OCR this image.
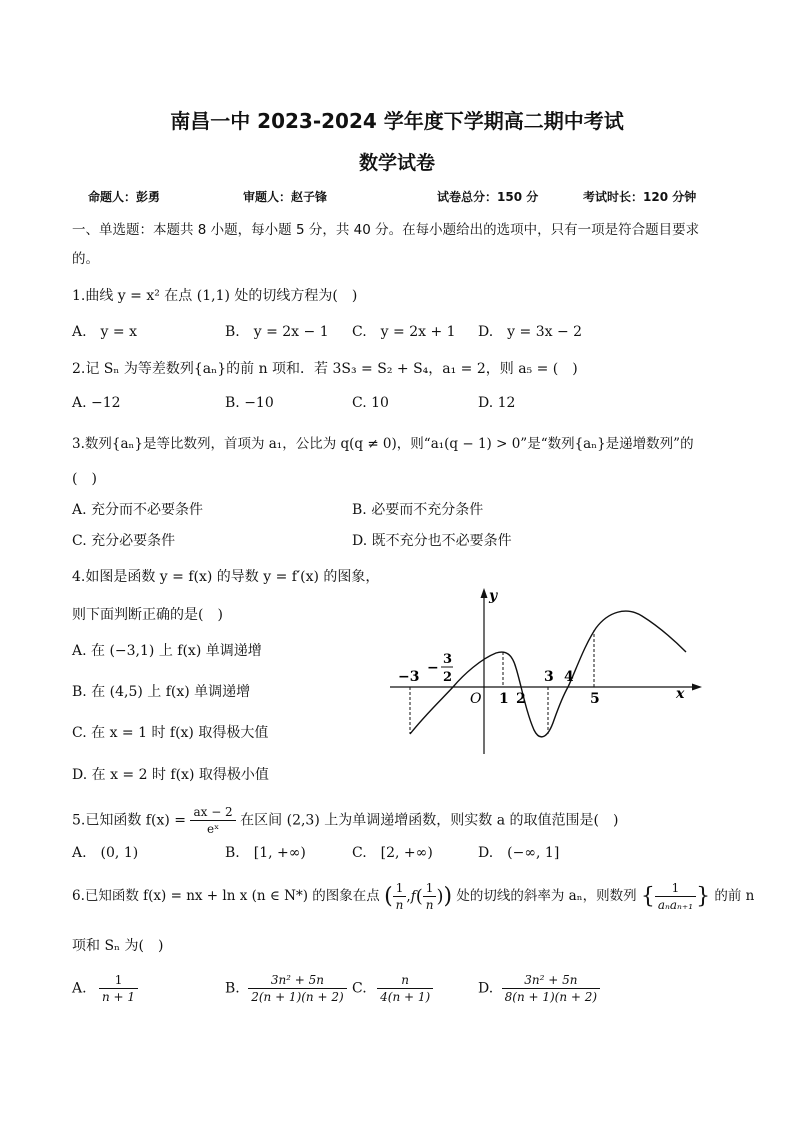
南昌一中 2023-2024 学年度下学期高二期中考试
数学试卷
命题人：彭勇	审题人：赵子锋	试卷总分：150 分	考试时长：120 分钟
一、单选题：本题共 8 小题，每小题 5 分，共 40 分。在每小题给出的选项中，只有一项是符合题目要求
的。
1.曲线 y = x² 在点 (1,1) 处的切线方程为(　)
A.　y = x	B.　y = 2x − 1 C.　y = 2x + 1 D.　y = 3x − 2
2.记 Sₙ 为等差数列{aₙ}的前 n 项和．若 3S₃ = S₂ + S₄，a₁ = 2，则 a₅ = (　)
A. −12	B. −10	C. 10	D. 12
3.数列{aₙ}是等比数列，首项为 a₁，公比为 q(q ≠ 0)，则“a₁(q − 1) > 0”是“数列{aₙ}是递增数列”的
(　)
A. 充分而不必要条件	B. 必要而不充分条件
C. 充分必要条件	D. 既不充分也不必要条件
4.如图是函数 y = f(x) 的导数 y = f′(x) 的图象，
则下面判断正确的是(　)
A. 在 (−3,1) 上 f(x) 单调递增
B. 在 (4,5) 上 f(x) 单调递增
C. 在 x = 1 时 f(x) 取得极大值
D. 在 x = 2 时 f(x) 取得极小值
x
y
O
−3
−
3
2
1 2
3 4
5
5.已知函数 $f(x) = \frac{ax - 2}{\text{eˣ}}$ 在区间 (2,3) 上为单调递增函数，则实数 a 的取值范围是(　)
A.　(0, 1)	B.　[1, +∞)	C.　[2, +∞)	D.　(−∞, 1]
6.已知函数 f(x) = nx + ln x (n ∈ N*) 的图象在点 ( $\frac{1}{n} ,f( \frac{1}{n}$ )) 处的切线的斜率为 aₙ，则数列 { $\frac{1}{\text{aₙaₙ₊₁}}$ } 的前 n
项和 Sₙ 为(　)
A. $\frac{1}{n + 1}$	B. $\frac{\text{3n² + 5n}}{2(n + 1)(n + 2)} C$. $\frac{n}{4(n + 1)}$	D. $\frac{\text{3n² + 5n}}{8(n + 1)(n + 2)}$
